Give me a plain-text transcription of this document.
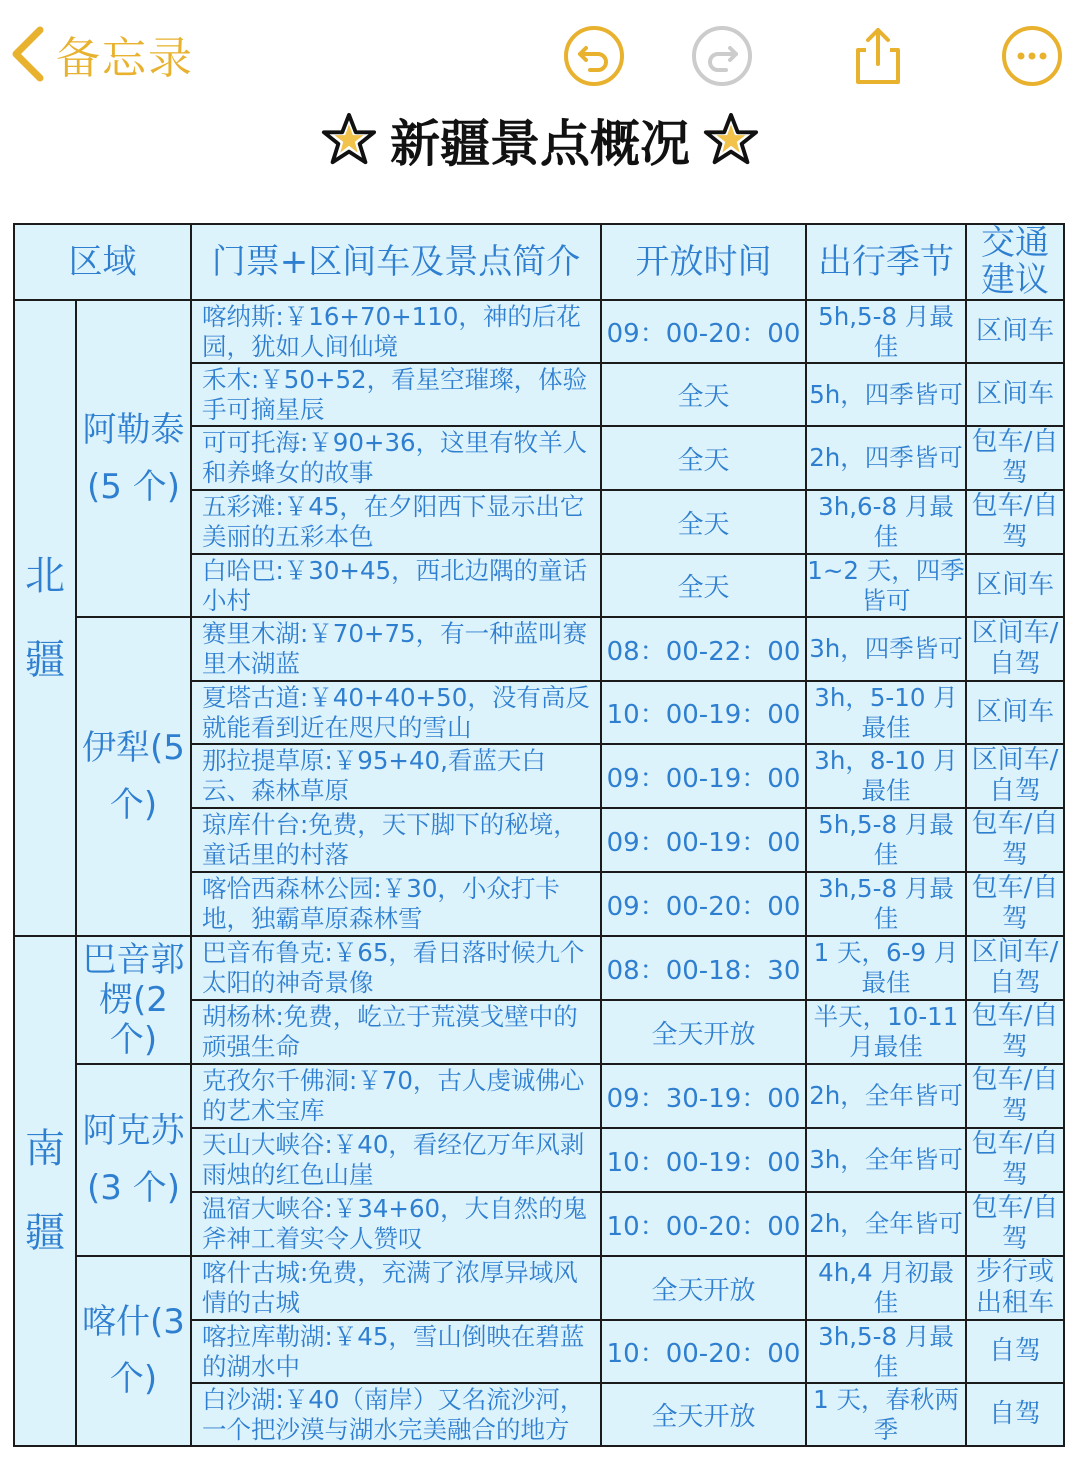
备忘录
新疆景点概况
区域		门票+区间车及景点简介	开放时间	出行季节	交通建议
北疆	阿勒泰(5 个)	喀纳斯:￥16+70+110，神的后花园，犹如人间仙境	09：00-20：00	5h,5-8 月最佳	区间车
		禾木:￥50+52，看星空璀璨，体验手可摘星辰	全天	5h，四季皆可	区间车
		可可托海:￥90+36，这里有牧羊人和养蜂女的故事	全天	2h，四季皆可	包车/自驾
		五彩滩:￥45，在夕阳西下显示出它美丽的五彩本色	全天	3h,6-8 月最佳	包车/自驾
		白哈巴:￥30+45，西北边隅的童话小村	全天	1~2 天，四季皆可	区间车
	伊犁(5 个)	赛里木湖:￥70+75，有一种蓝叫赛里木湖蓝	08：00-22：00	3h，四季皆可	区间车/自驾
		夏塔古道:￥40+40+50，没有高反就能看到近在咫尺的雪山	10：00-19：00	3h，5-10 月最佳	区间车
		那拉提草原:￥95+40,看蓝天白云、森林草原	09：00-19：00	3h，8-10 月最佳	区间车/自驾
		琼库什台:免费，天下脚下的秘境，童话里的村落	09：00-19：00	5h,5-8 月最佳	包车/自驾
		喀恰西森林公园:￥30，小众打卡地，独霸草原森林雪	09：00-20：00	3h,5-8 月最佳	包车/自驾
南疆	巴音郭楞(2 个)	巴音布鲁克:￥65，看日落时候九个太阳的神奇景像	08：00-18：30	1 天，6-9 月最佳	区间车/自驾
		胡杨林:免费，屹立于荒漠戈壁中的顽强生命	全天开放	半天，10-11 月最佳	包车/自驾
	阿克苏(3 个)	克孜尔千佛洞:￥70，古人虔诚佛心的艺术宝库	09：30-19：00	2h，全年皆可	包车/自驾
		天山大峡谷:￥40，看经亿万年风剥雨烛的红色山崖	10：00-19：00	3h，全年皆可	包车/自驾
		温宿大峡谷:￥34+60，大自然的鬼斧神工着实令人赞叹	10：00-20：00	2h，全年皆可	包车/自驾
	喀什(3 个)	喀什古城:免费，充满了浓厚异域风情的古城	全天开放	4h,4 月初最佳	步行或出租车
		喀拉库勒湖:￥45，雪山倒映在碧蓝的湖水中	10：00-20：00	3h,5-8 月最佳	自驾
		白沙湖:￥40（南岸）又名流沙河，一个把沙漠与湖水完美融合的地方	全天开放	1 天，春秋两季	自驾
